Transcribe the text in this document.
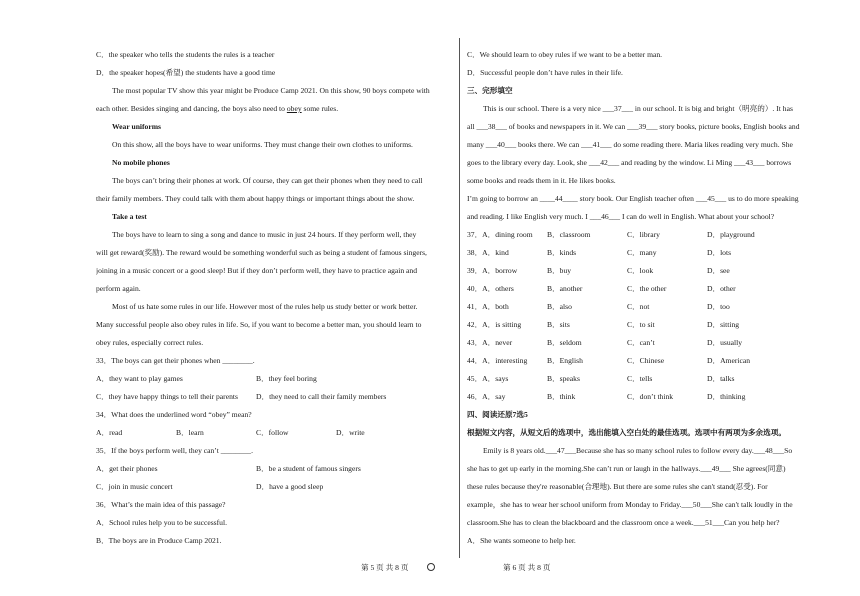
C．the speaker who tells the students the rules is a teacher

D．the speaker hopes(希望) the students have a good time

The most popular TV show this year might be Produce Camp 2021. On this show, 90 boys compete with

each other. Besides singing and dancing, the boys also need to obey some rules.

Wear uniforms

On this show, all the boys have to wear uniforms. They must change their own clothes to uniforms.

No mobile phones

The boys can’t bring their phones at work. Of course, they can get their phones when they need to call

their family members. They could talk with them about happy things or important things about the show.

Take a test

The boys have to learn to sing a song and dance to music in just 24 hours. If they perform well, they

will get reward(奖励). The reward would be something wonderful such as being a student of famous singers,

joining in a music concert or a good sleep! But if they don’t perform well, they have to practice again and

perform again.

Most of us hate some rules in our life. However most of the rules help us study better or work better.

Many successful people also obey rules in life. So, if you want to become a better man, you should learn to

obey rules, especially correct rules.

33．The boys can get their phones when ________.

A．they want to play games	B．they feel boring
C．they have happy things to tell their parents	D．they need to call their family members

34．What does the underlined word “obey” mean?

A．read	B．learn	C．follow	D．write

35．If the boys perform well, they can’t ________.

A．get their phones	B．be a student of famous singers
C．join in music concert	D．have a good sleep

36．What’s the main idea of this passage?

A．School rules help you to be successful.

B．The boys are in Produce Camp 2021.

C．We should learn to obey rules if we want to be a better man.

D．Successful people don’t have rules in their life.

三、完形填空

This is our school. There is a very nice ___37___ in our school. It is big and bright（明亮的）. It has

all ___38___ of books and newspapers in it. We can ___39___ story books, picture books, English books and

many ___40___ books there. We can ___41___ do some reading there. Maria likes reading very much. She

goes to the library every day. Look, she ___42___ and reading by the window. Li Ming ___43___ borrows

some books and reads them in it. He likes books.

I’m going to borrow an ____44____ story book. Our English teacher often ___45___ us to do more speaking

and reading. I like English very much. I ___46___ I can do well in English. What about your school?

37．A．dining room	B．classroom	C．library	D．playground
38．A．kind	B．kinds	C．many	D．lots
39．A．borrow	B．buy	C．look	D．see
40．A．others	B．another	C．the other	D．other
41．A．both	B．also	C．not	D．too
42．A．is sitting	B．sits	C．to sit	D．sitting
43．A．never	B．seldom	C．can’t	D．usually
44．A．interesting	B．English	C．Chinese	D．American
45．A．says	B．speaks	C．tells	D．talks
46．A．say	B．think	C．don’t think	D．thinking

四、阅读还原7选5

根据短文内容，从短文后的选项中，选出能填入空白处的最佳选项。选项中有两项为多余选项。

Emily is 8 years old.___47___Because she has so many school rules to follow every day.___48___So

she has to get up early in the morning.She can’t run or laugh in the hallways.___49___ She agrees(同意)

these rules because they're reasonable(合理地). But there are some rules she can't stand(忍受). For

example，she has to wear her school uniform from Monday to Friday.___50___She can't talk loudly in the

classroom.She has to clean the blackboard and the classroom once a week.___51___Can you help her?

A．She wants someone to help her.

第 5 页 共 8 页	第 6 页 共 8 页
